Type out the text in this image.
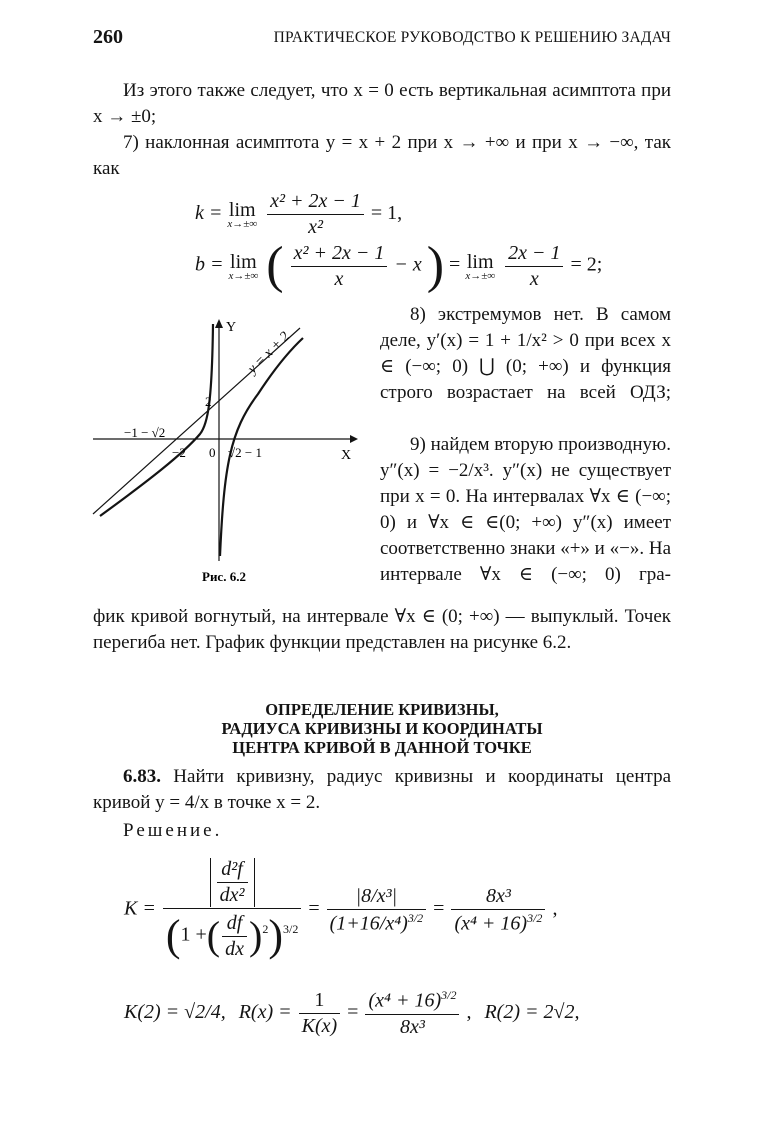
260	ПРАКТИЧЕСКОЕ РУКОВОДСТВО К РЕШЕНИЮ ЗАДАЧ
Из этого также следует, что x = 0 есть вертикальная асимптота при x → ±0;
7) наклонная асимптота y = x + 2 при x → +∞ и при x → −∞, так как
k = lim
x→±∞
$\frac{\text{x² + 2x − 1}}{\text{x²}} = 1$,
b = lim
x→±∞ ( $\frac{\text{x² + 2x − 1}}{x} - x$ ) = lim
x→±∞
$\frac{2x - 1}{x} = 2$;
Y
X
y = x + 2
2
−1 − √2
−2 0 √2 − 1
Рис. 6.2
8) экстремумов нет. В самом деле, y′(x) = 1 + 1/x² > 0 при всех x ∈ (−∞; 0) ⋃ (0; +∞) и функция строго возрастает на всей ОДЗ;
9) найдем вторую производную. y″(x) = −2/x³. y″(x) не существует при x = 0. На интервалах ∀x ∈ (−∞; 0) и ∀x ∈ ∈(0; +∞) y″(x) имеет соответственно знаки «+» и «−». На интервале ∀x ∈ (−∞; 0) гра-
фик кривой вогнутый, на интервале ∀x ∈ (0; +∞) — выпуклый. Точек перегиба нет. График функции представлен на рисунке 6.2.
ОПРЕДЕЛЕНИЕ КРИВИЗНЫ,
РАДИУСА КРИВИЗНЫ И КООРДИНАТЫ
ЦЕНТРА КРИВОЙ В ДАННОЙ ТОЧКЕ
6.83. Найти кривизну, радиус кривизны и координаты центра кривой y = 4/x в точке x = 2.
Решение.
$K = \frac{\frac{\text{d²f}}{\text{dx²}}}{(1 +( \frac{df}{dx} )^2)^{3/2}} = \frac{\text{|8/x³|}}{(1+16/x^4)^{3/2}} = \frac{\text{8x³}}{(x^4 + 16)^{3/2}}$ ,
K(2) = √2/4, $R(x) = \frac{1}{K(x)} = \frac{(x^4 + 16)^{3/2}}{\text{8x³}}$ , R(2) = 2√2,
